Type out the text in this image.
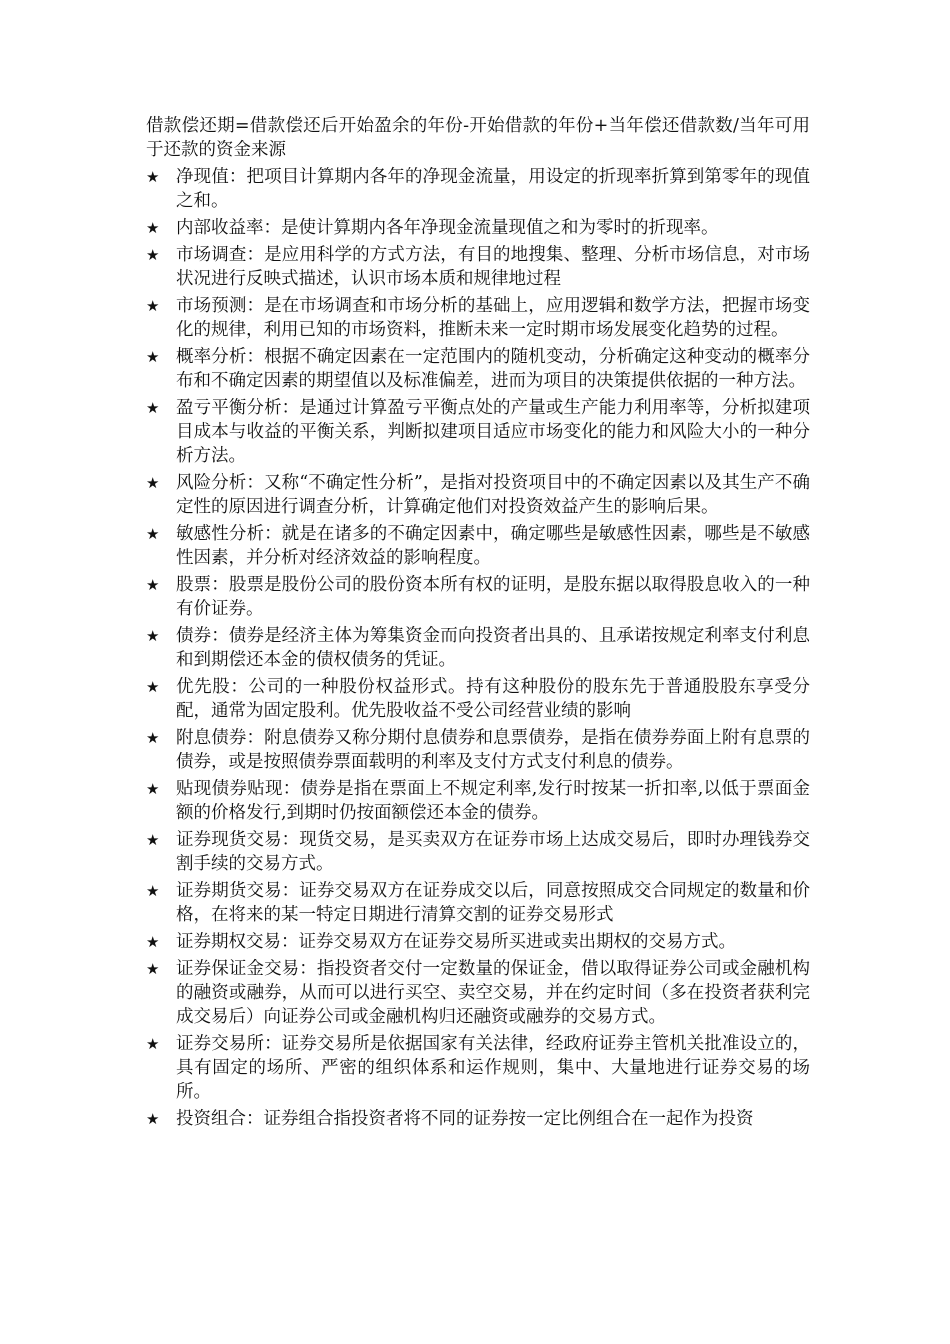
借款偿还期=借款偿还后开始盈余的年份-开始借款的年份+当年偿还借款数/当年可用于还款的资金来源

★ 净现值：把项目计算期内各年的净现金流量，用设定的折现率折算到第零年的现值之和。
★ 内部收益率：是使计算期内各年净现金流量现值之和为零时的折现率。
★ 市场调查：是应用科学的方式方法，有目的地搜集、整理、分析市场信息，对市场状况进行反映式描述，认识市场本质和规律地过程
★ 市场预测：是在市场调查和市场分析的基础上，应用逻辑和数学方法，把握市场变化的规律，利用已知的市场资料，推断未来一定时期市场发展变化趋势的过程。
★ 概率分析：根据不确定因素在一定范围内的随机变动，分析确定这种变动的概率分布和不确定因素的期望值以及标准偏差，进而为项目的决策提供依据的一种方法。
★ 盈亏平衡分析：是通过计算盈亏平衡点处的产量或生产能力利用率等，分析拟建项目成本与收益的平衡关系，判断拟建项目适应市场变化的能力和风险大小的一种分析方法。
★ 风险分析：又称“不确定性分析”，是指对投资项目中的不确定因素以及其生产不确定性的原因进行调查分析，计算确定他们对投资效益产生的影响后果。
★ 敏感性分析：就是在诸多的不确定因素中，确定哪些是敏感性因素，哪些是不敏感性因素，并分析对经济效益的影响程度。
★ 股票：股票是股份公司的股份资本所有权的证明，是股东据以取得股息收入的一种有价证券。
★ 债券：债券是经济主体为筹集资金而向投资者出具的、且承诺按规定利率支付利息和到期偿还本金的债权债务的凭证。
★ 优先股：公司的一种股份权益形式。持有这种股份的股东先于普通股股东享受分配，通常为固定股利。优先股收益不受公司经营业绩的影响
★ 附息债券：附息债券又称分期付息债券和息票债券，是指在债券券面上附有息票的债券，或是按照债券票面载明的利率及支付方式支付利息的债券。
★ 贴现债券贴现：债券是指在票面上不规定利率,发行时按某一折扣率,以低于票面金额的价格发行,到期时仍按面额偿还本金的债券。
★ 证券现货交易：现货交易，是买卖双方在证券市场上达成交易后，即时办理钱券交割手续的交易方式。
★ 证券期货交易：证券交易双方在证券成交以后，同意按照成交合同规定的数量和价格，在将来的某一特定日期进行清算交割的证券交易形式
★ 证券期权交易：证券交易双方在证券交易所买进或卖出期权的交易方式。
★ 证券保证金交易：指投资者交付一定数量的保证金，借以取得证券公司或金融机构的融资或融券，从而可以进行买空、卖空交易，并在约定时间（多在投资者获利完成交易后）向证券公司或金融机构归还融资或融券的交易方式。
★ 证券交易所：证券交易所是依据国家有关法律，经政府证券主管机关批准设立的，具有固定的场所、严密的组织体系和运作规则，集中、大量地进行证券交易的场所。
★ 投资组合：证券组合指投资者将不同的证券按一定比例组合在一起作为投资
